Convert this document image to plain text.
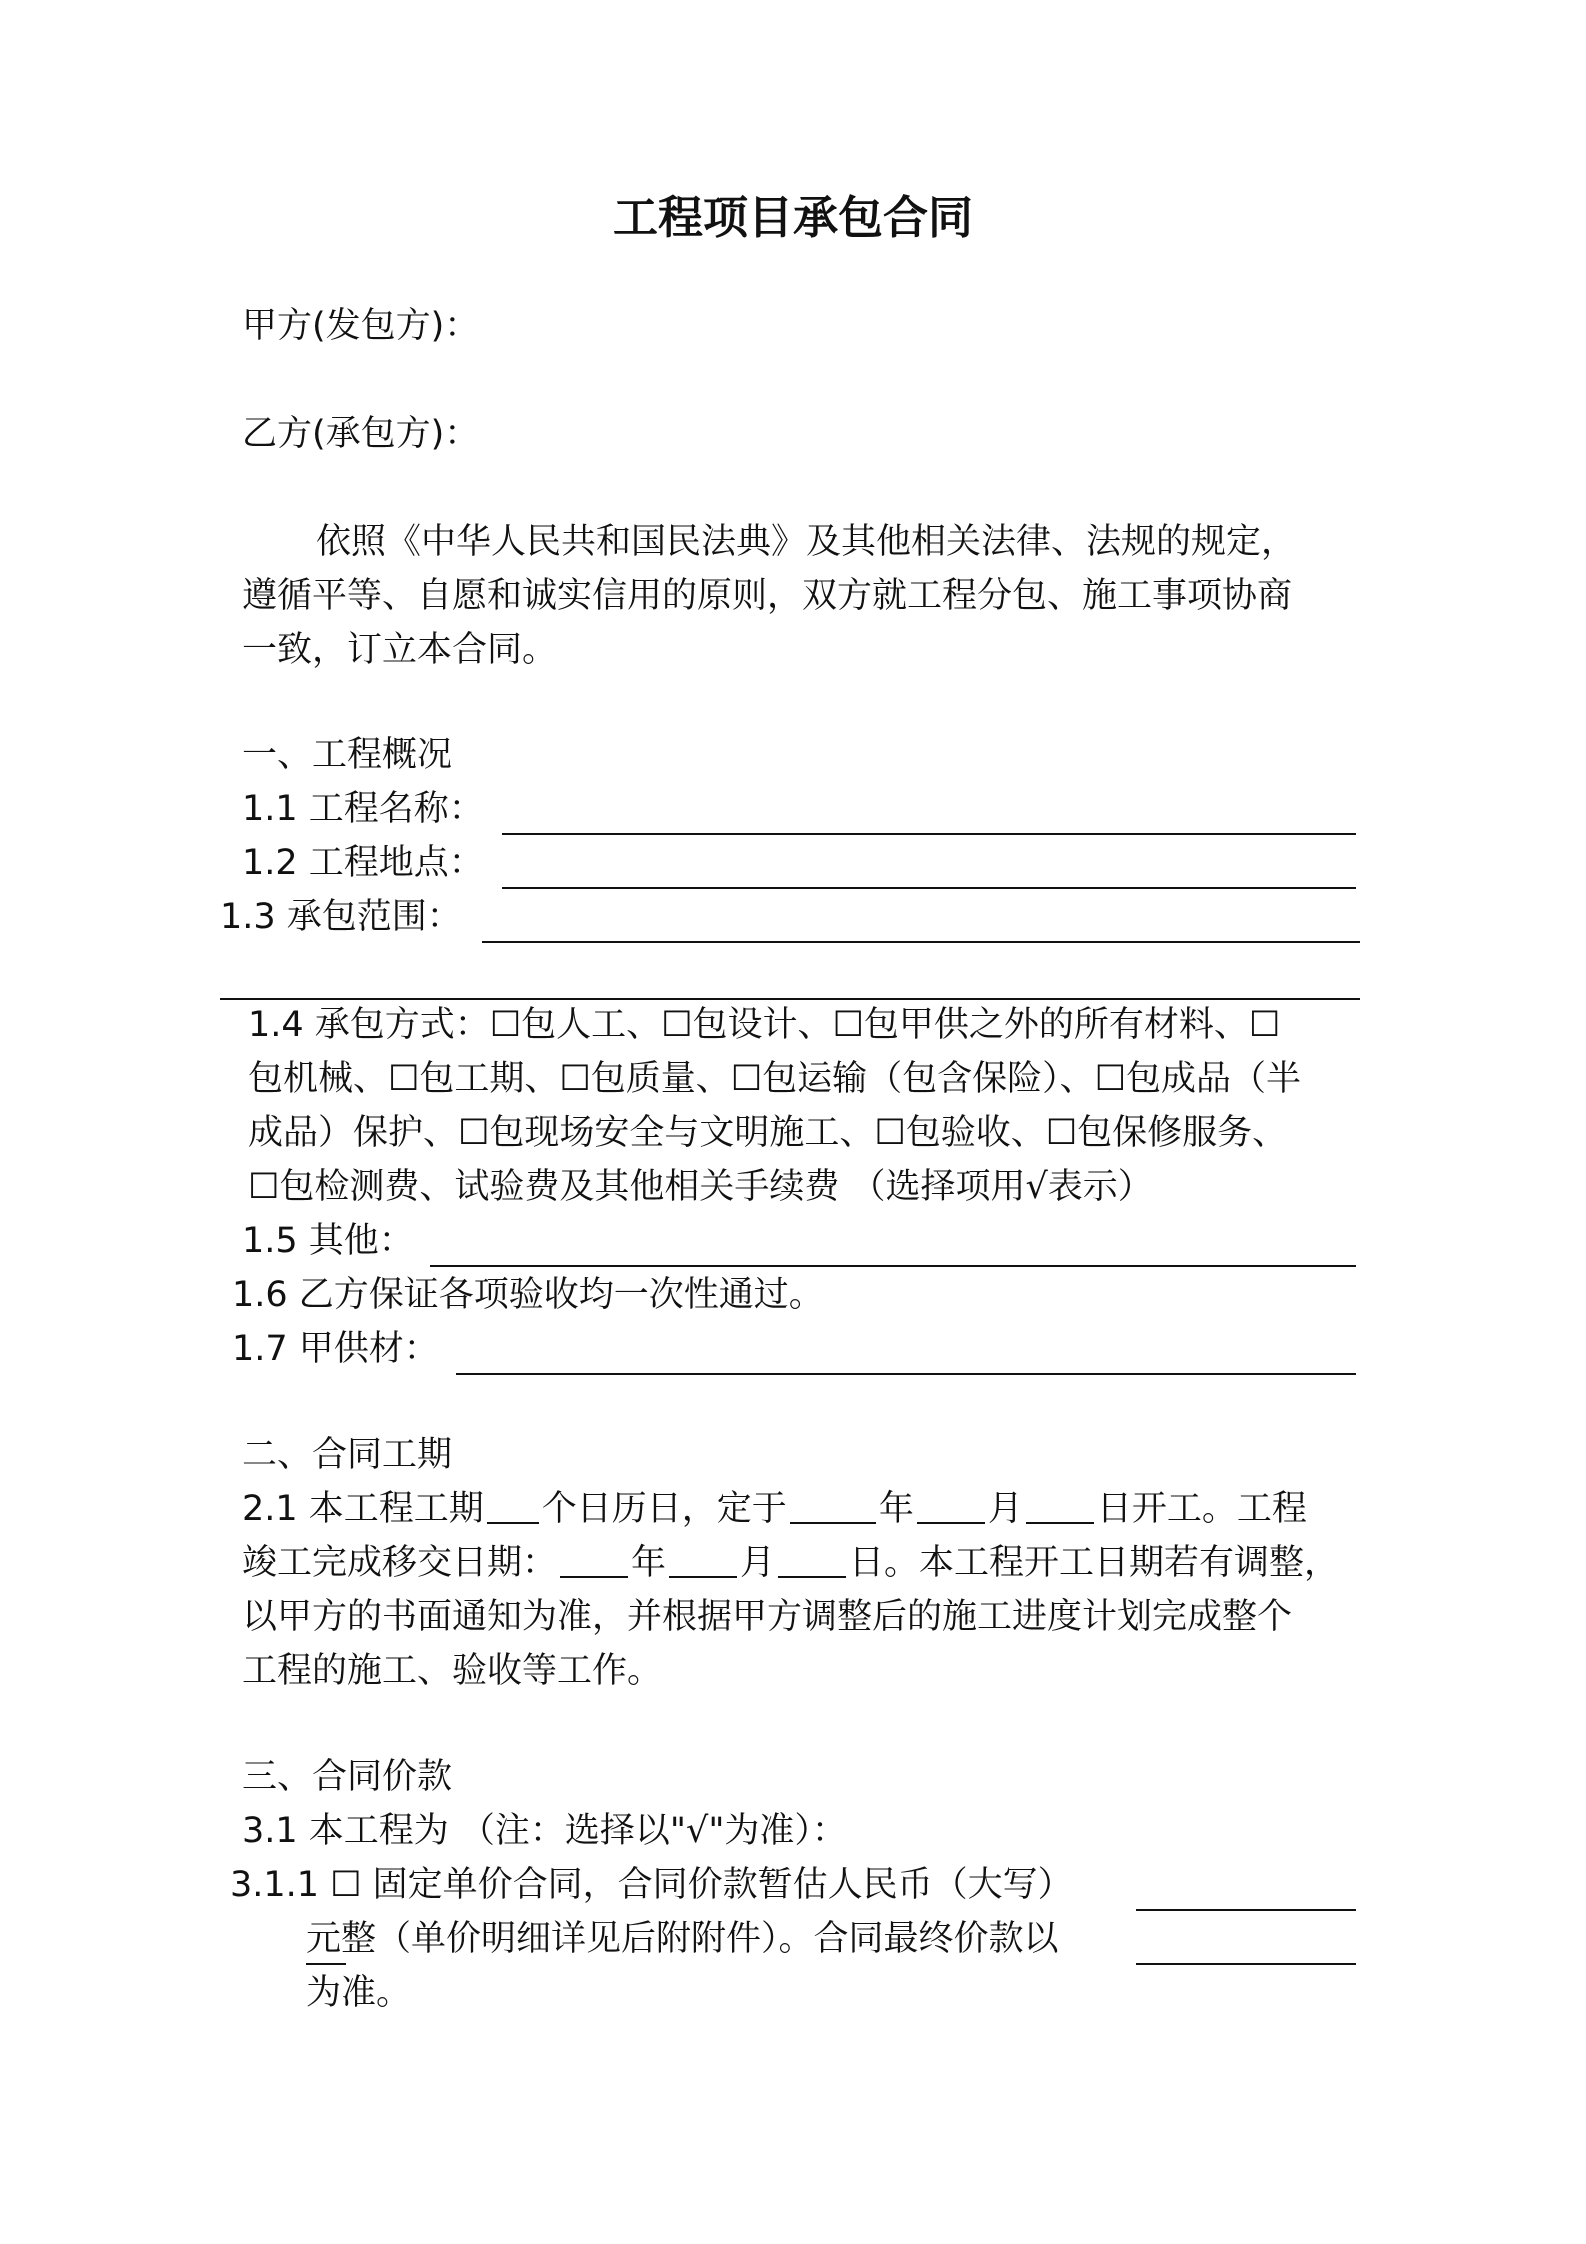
工程项目承包合同
甲方(发包方)：
乙方(承包方)：
依照《中华人民共和国民法典》及其他相关法律、法规的规定，
遵循平等、自愿和诚实信用的原则，双方就工程分包、施工事项协商
一致，订立本合同。
一、工程概况
1.1 工程名称：
1.2 工程地点：
1.3 承包范围：
1.4 承包方式：☐包人工、☐包设计、☐包甲供之外的所有材料、☐
包机械、☐包工期、☐包质量、☐包运输（包含保险）、☐包成品（半
成品）保护、☐包现场安全与文明施工、☐包验收、☐包保修服务、
☐包检测费、试验费及其他相关手续费 （选择项用√表示）
1.5 其他：
1.6 乙方保证各项验收均一次性通过。
1.7 甲供材：
二、合同工期
2.1 本工程工期 个日历日，定于	年 月 日开工。工程
竣工完成移交日期： 年 月 日。本工程开工日期若有调整，
以甲方的书面通知为准，并根据甲方调整后的施工进度计划完成整个
工程的施工、验收等工作。
三、合同价款
3.1 本工程为 （注：选择以"√"为准）：
3.1.1 ☐ 固定单价合同，合同价款暂估人民币（大写）
元整（单价明细详见后附附件）。合同最终价款以
为准。
